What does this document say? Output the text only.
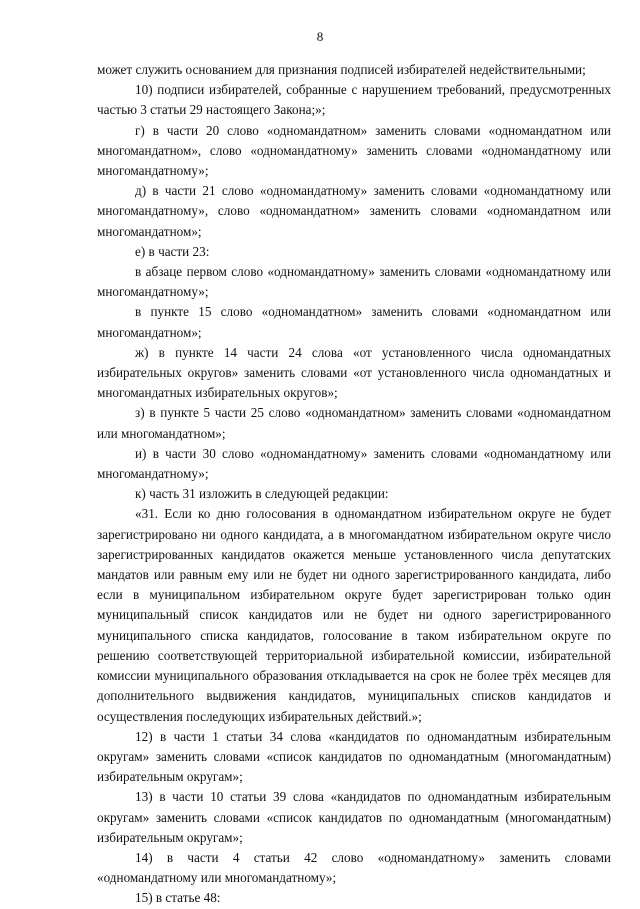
8

может служить основанием для признания подписей избирателей недействительными;

10) подписи избирателей, собранные с нарушением требований, предусмотренных частью 3 статьи 29 настоящего Закона;»;

г) в части 20 слово «одномандатном» заменить словами «одномандатном или многомандатном», слово «одномандатному» заменить словами «одномандатному или многомандатному»;

д) в части 21 слово «одномандатному» заменить словами «одномандатному или многомандатному», слово «одномандатном» заменить словами «одномандатном или многомандатном»;

е) в части 23:

в абзаце первом слово «одномандатному» заменить словами «одномандатному или многомандатному»;

в пункте 15 слово «одномандатном» заменить словами «одномандатном или многомандатном»;

ж) в пункте 14 части 24 слова «от установленного числа одномандатных избирательных округов» заменить словами «от установленного числа одномандатных и многомандатных избирательных округов»;

з) в пункте 5 части 25 слово «одномандатном» заменить словами «одномандатном или многомандатном»;

и) в части 30 слово «одномандатному» заменить словами «одномандатному или многомандатному»;

к) часть 31 изложить в следующей редакции:

«31. Если ко дню голосования в одномандатном избирательном округе не будет зарегистрировано ни одного кандидата, а в многомандатном избирательном округе число зарегистрированных кандидатов окажется меньше установленного числа депутатских мандатов или равным ему или не будет ни одного зарегистрированного кандидата, либо если в муниципальном избирательном округе будет зарегистрирован только один муниципальный список кандидатов или не будет ни одного зарегистрированного муниципального списка кандидатов, голосование в таком избирательном округе по решению соответствующей территориальной избирательной комиссии, избирательной комиссии муниципального образования откладывается на срок не более трёх месяцев для дополнительного выдвижения кандидатов, муниципальных списков кандидатов и осуществления последующих избирательных действий.»;

12) в части 1 статьи 34 слова «кандидатов по одномандатным избирательным округам» заменить словами «список кандидатов по одномандатным (многомандатным) избирательным округам»;

13) в части 10 статьи 39 слова «кандидатов по одномандатным избирательным округам» заменить словами «список кандидатов по одномандатным (многомандатным) избирательным округам»;

14) в части 4 статьи 42 слово «одномандатному» заменить словами «одномандатному или многомандатному»;

15) в статье 48:
